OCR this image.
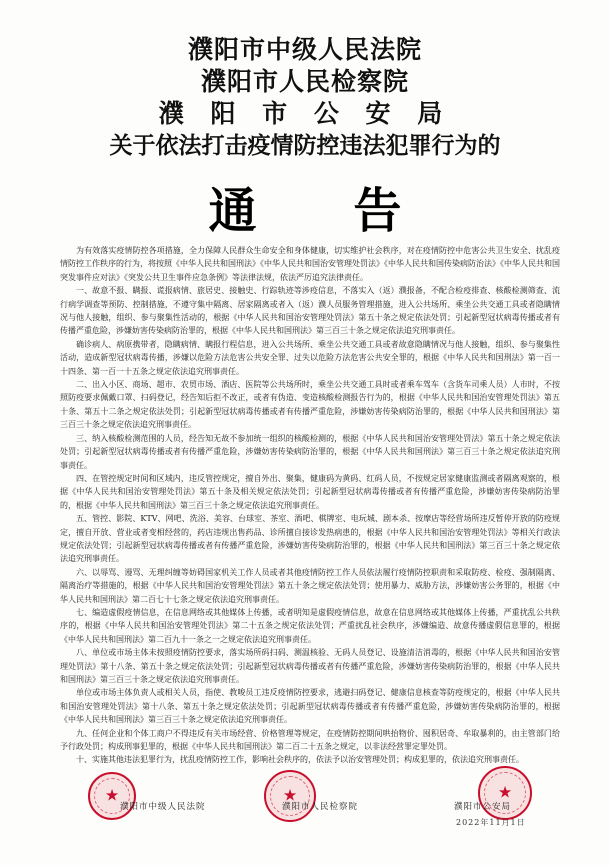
濮阳市中级人民法院
濮阳市人民检察院
濮 阳 市 公 安 局
关于依法打击疫情防控违法犯罪行为的
通 告

为有效落实疫情防控各项措施，全力保障人民群众生命安全和身体健康，切实维护社会秩序，对在疫情防控中危害公共卫生安全、扰乱疫情防控工作秩序的行为，将按照《中华人民共和国刑法》《中华人民共和国治安管理处罚法》《中华人民共和国传染病防治法》《中华人民共和国突发事件应对法》《突发公共卫生事件应急条例》等法律法规，依法严厉追究法律责任。

一、故意不报、瞒报、谎报病情、旅居史、接触史、行踪轨迹等涉疫信息，不落实入（返）濮报备，不配合检疫排查、核酸检测筛查、流行病学调查等预防、控制措施，不遵守集中隔离、居家隔离或者入（返）濮人员服务管理措施，进入公共场所、乘坐公共交通工具或者隐瞒情况与他人接触，组织、参与聚集性活动的，根据《中华人民共和国治安管理处罚法》第五十条之规定依法处罚；引起新型冠状病毒传播或者有传播严重危险，涉嫌妨害传染病防治罪的，根据《中华人民共和国刑法》第三百三十条之规定依法追究刑事责任。

确诊病人、病原携带者，隐瞒病情、瞒报行程信息，进入公共场所、乘坐公共交通工具或者故意隐瞒情况与他人接触，组织、参与聚集性活动，造成新型冠状病毒传播，涉嫌以危险方法危害公共安全罪、过失以危险方法危害公共安全罪的，根据《中华人民共和国刑法》第一百一十四条、第一百一十五条之规定依法追究刑事责任。

二、出入小区、商场、超市、农贸市场、酒店、医院等公共场所时，乘坐公共交通工具时或者乘车驾车（含货车司乘人员）人市时，不按照防疫要求佩戴口罩、扫码登记，经告知后拒不改正，或者有伪造、变造核酸检测报告行为的，根据《中华人民共和国治安管理处罚法》第五十条、第五十二条之规定依法处罚；引起新型冠状病毒传播或者有传播严重危险，涉嫌妨害传染病防治罪的，根据《中华人民共和国刑法》第三百三十条之规定依法追究刑事责任。

三、纳入核酸检测范围的人员，经告知无故不参加统一组织的核酸检测的，根据《中华人民共和国治安管理处罚法》第五十条之规定依法处罚；引起新型冠状病毒传播或者有传播严重危险，涉嫌妨害传染病防治罪的，根据《中华人民共和国刑法》第三百三十条之规定依法追究刑事责任。

四、在管控规定时间和区域内，违反管控规定，擅自外出、聚集，健康码为黄码、红码人员，不按规定居家健康监测或者隔离观察的，根据《中华人民共和国治安管理处罚法》第五十条及相关规定依法处罚；引起新型冠状病毒传播或者有传播严重危险，涉嫌妨害传染病防治罪的，根据《中华人民共和国刑法》第三百三十条之规定依法追究刑事责任。

五、管控、影院、KTV、网吧、洗浴、美容、台球室、茶室、酒吧、棋牌室、电玩城、剧本杀、按摩店等经营场所违反暂停开放的防疫规定，擅自开放、营业或者变相经营的，药店违规出售药品、诊所擅自接诊发热病患的，根据《中华人民共和国治安管理处罚法》等相关行政法规定依法处罚；引起新型冠状病毒传播或者有传播严重危险，涉嫌妨害传染病防治罪的，根据《中华人民共和国刑法》第三百三十条之规定依法追究刑事责任。

六、以辱骂、谩骂、无理纠缠等妨碍国家机关工作人员或者其他疫情防控工作人员依法履行疫情防控职责和采取防疫、检疫、强制隔离、隔离治疗等措施的，根据《中华人民共和国治安管理处罚法》第五十条之规定依法处罚；使用暴力、威胁方法，涉嫌妨害公务罪的，根据《中华人民共和国刑法》第二百七十七条之规定依法追究刑事责任。

七、编造虚假疫情信息，在信息网络或其他媒体上传播，或者明知是虚假疫情信息，故意在信息网络或其他媒体上传播，严重扰乱公共秩序的，根据《中华人民共和国治安管理处罚法》第二十五条之规定依法处罚；严重扰乱社会秩序，涉嫌编造、故意传播虚假信息罪的，根据《中华人民共和国刑法》第二百九十一条之一之规定依法追究刑事责任。

八、单位或市场主体未按照疫情防控要求，落实场所码扫码、测温核验、无码人员登记、设施清洁消毒的，根据《中华人民共和国治安管理处罚法》第十八条、第五十条之规定依法处罚；引起新型冠状病毒传播或者有传播严重危险，涉嫌妨害传染病防治罪的，根据《中华人民共和国刑法》第三百三十条之规定依法追究刑事责任。

单位或市场主体负责人或相关人员，指使、教唆员工违反疫情防控要求，逃避扫码登记、健康信息核查等防疫规定的，根据《中华人民共和国治安管理处罚法》第十八条、第五十条之规定依法处罚；引起新型冠状病毒传播或者有传播严重危险，涉嫌妨害传染病防治罪的，根据《中华人民共和国刑法》第三百三十条之规定依法追究刑事责任。

九、任何企业和个体工商户不得违反有关市场经营、价格管理等规定，在疫情防控期间哄抬物价、囤积居奇、牟取暴利的，由主管部门给予行政处罚；构成刑事犯罪的，根据《中华人民共和国刑法》第二百二十五条之规定，以非法经营罪定罪处罚。

十、实施其他违法犯罪行为，扰乱疫情防控工作，影响社会秩序的，依法予以治安管理处罚；构成犯罪的，依法追究刑事责任。

★	★	★
濮阳市中级人民法院	濮阳市人民检察院	濮阳市公安局
2022年11月1日
